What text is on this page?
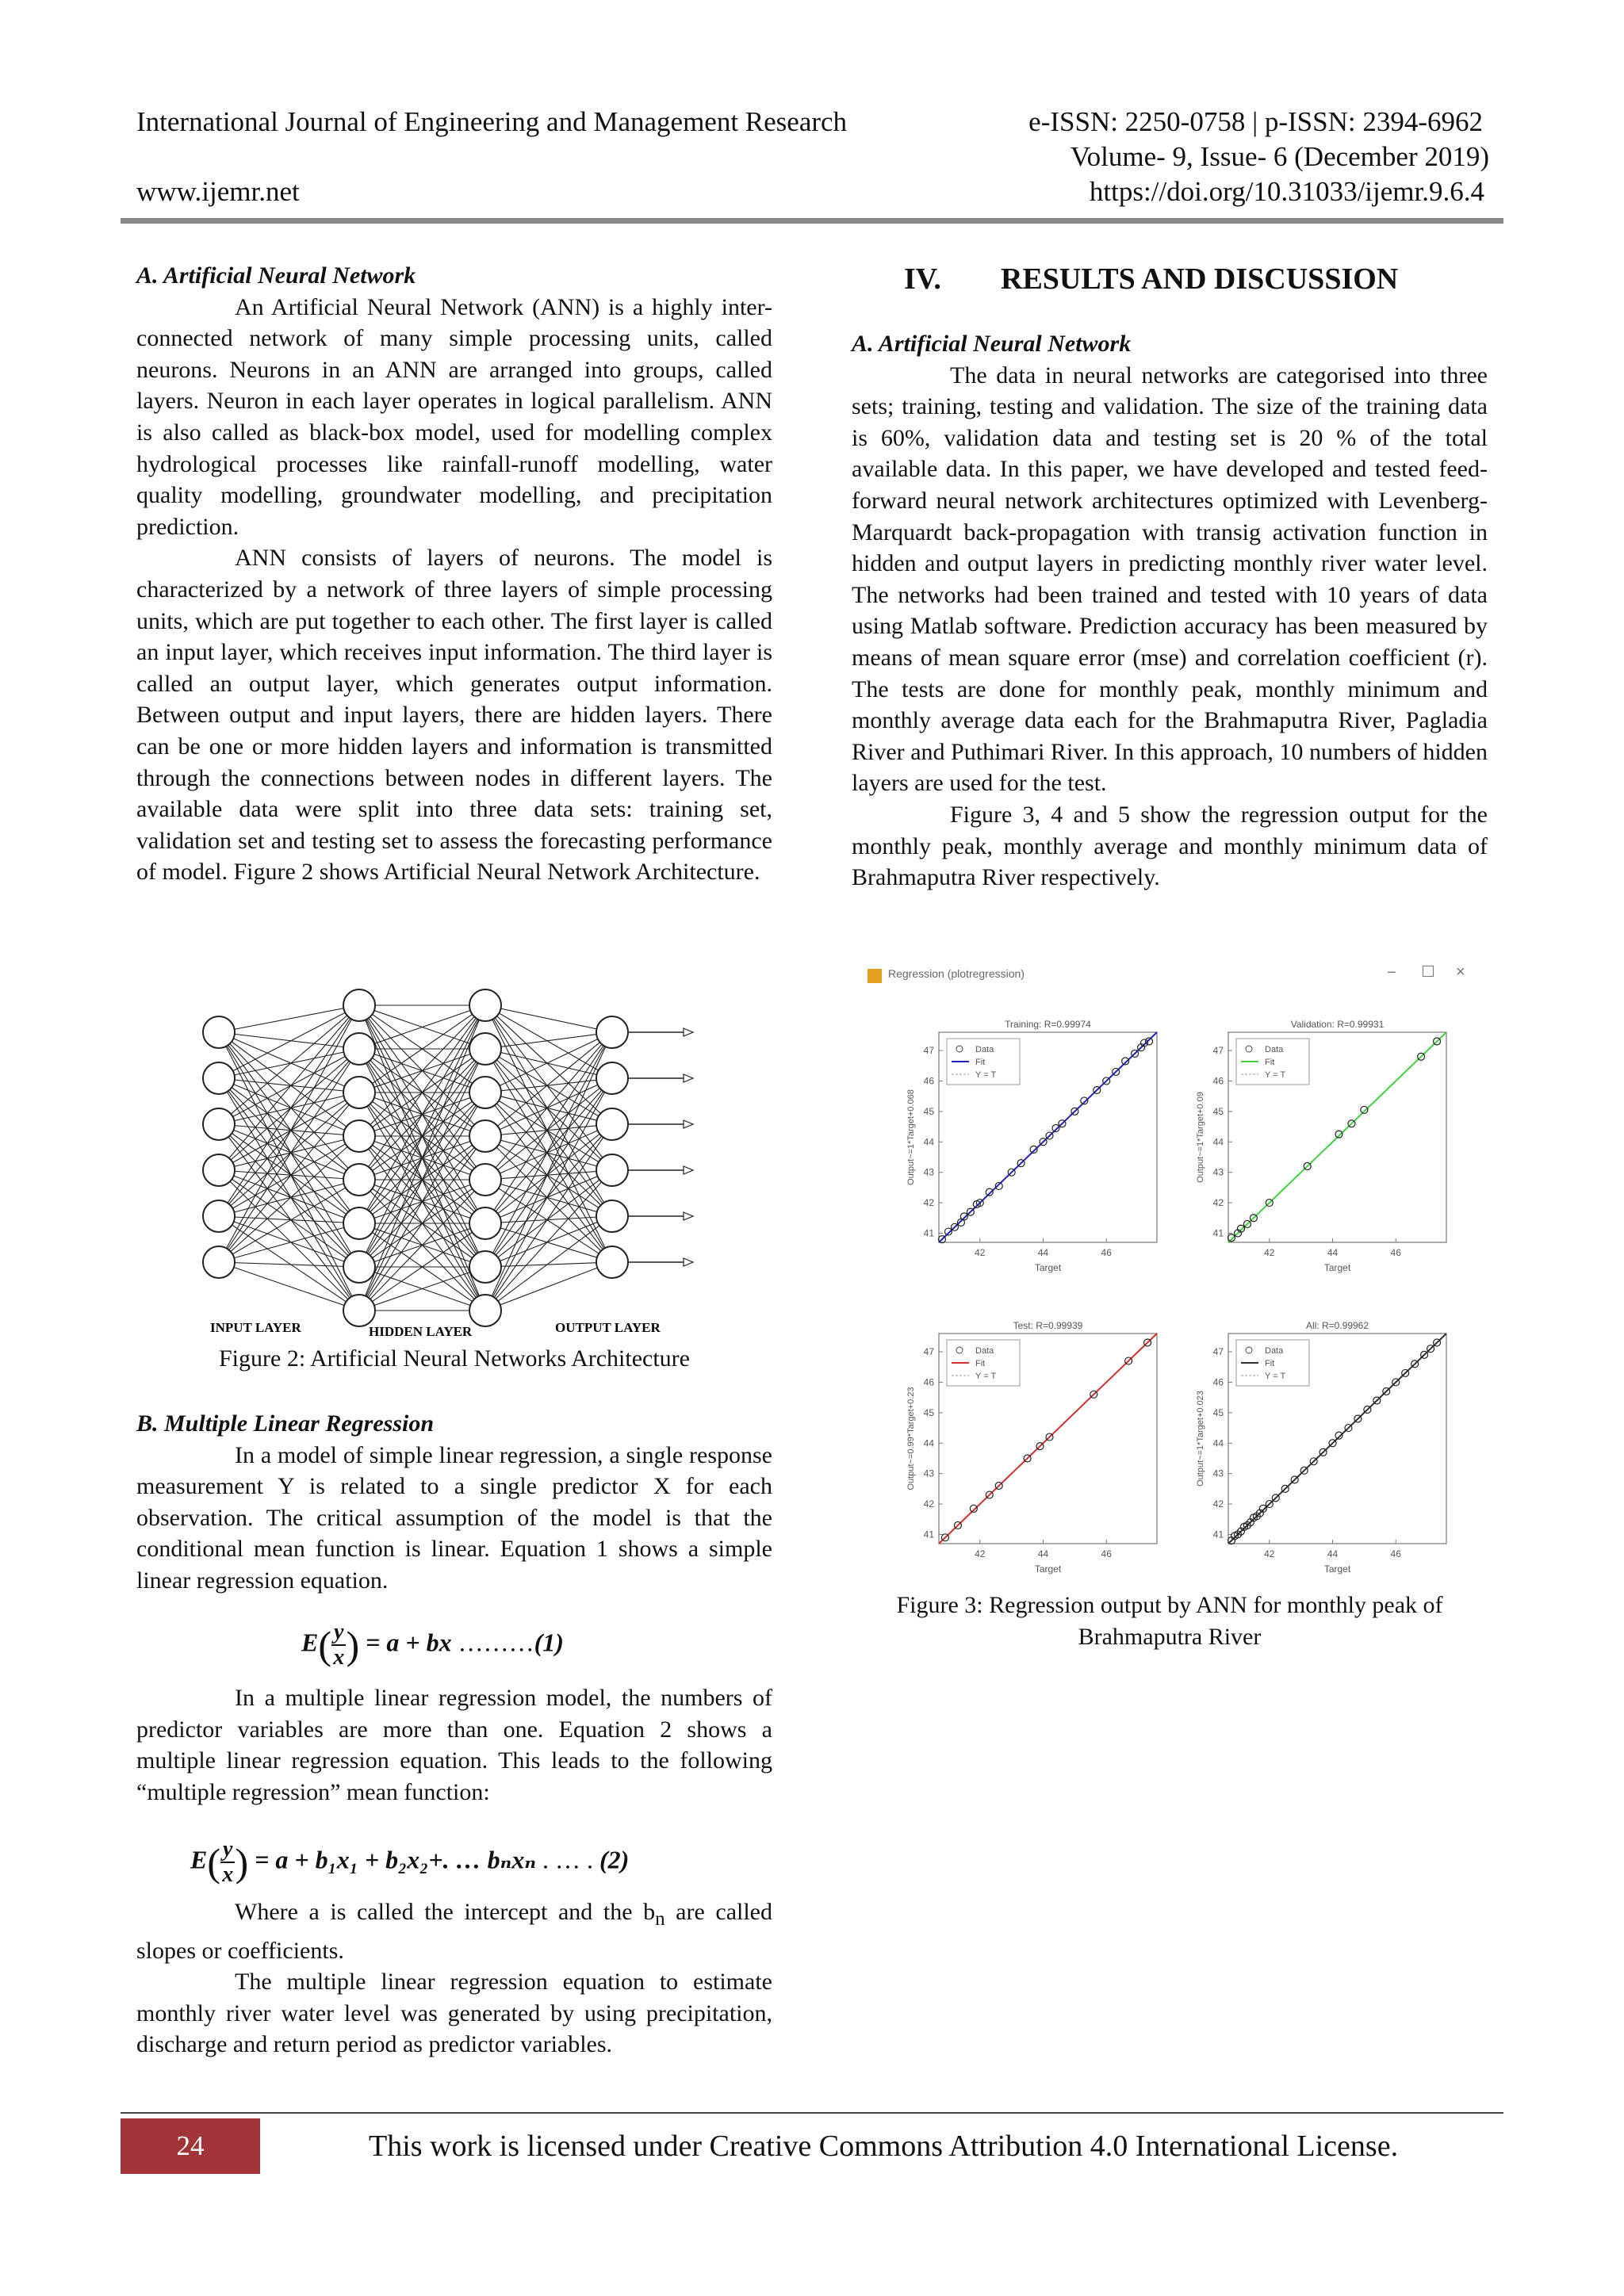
International Journal of Engineering and Management Research	e-ISSN: 2250-0758 | p-ISSN: 2394-6962
Volume- 9, Issue- 6 (December 2019)
www.ijemr.net	https://doi.org/10.31033/ijemr.9.6.4

A. Artificial Neural Network

An Artificial Neural Network (ANN) is a highly inter-connected network of many simple processing units, called neurons. Neurons in an ANN are arranged into groups, called layers. Neuron in each layer operates in logical parallelism. ANN is also called as black-box model, used for modelling complex hydrological processes like rainfall-runoff modelling, water quality modelling, groundwater modelling, and precipitation prediction.

ANN consists of layers of neurons. The model is characterized by a network of three layers of simple processing units, which are put together to each other. The first layer is called an input layer, which receives input information. The third layer is called an output layer, which generates output information. Between output and input layers, there are hidden layers. There can be one or more hidden layers and information is transmitted through the connections between nodes in different layers. The available data were split into three data sets: training set, validation set and testing set to assess the forecasting performance of model. Figure 2 shows Artificial Neural Network Architecture.

INPUT LAYER	HIDDEN LAYER	OUTPUT LAYER
Figure 2: Artificial Neural Networks Architecture

B. Multiple Linear Regression

In a model of simple linear regression, a single response measurement Y is related to a single predictor X for each observation. The critical assumption of the model is that the conditional mean function is linear. Equation 1 shows a simple linear regression equation.

$E( \frac{y}{x}$ ) = a + bx ………(1)

In a multiple linear regression model, the numbers of predictor variables are more than one. Equation 2 shows a multiple linear regression equation. This leads to the following “multiple regression” mean function:

$E( \frac{y}{x}$ ) = a + b₁x₁ + b₂x₂+. … bₙxₙ . … . (2)

Where a is called the intercept and the $b_n$ are called slopes or coefficients.

The multiple linear regression equation to estimate monthly river water level was generated by using precipitation, discharge and return period as predictor variables.

IV. RESULTS AND DISCUSSION

A. Artificial Neural Network

The data in neural networks are categorised into three sets; training, testing and validation. The size of the training data is 60%, validation data and testing set is 20 % of the total available data. In this paper, we have developed and tested feed-forward neural network architectures optimized with Levenberg-Marquardt back-propagation with transig activation function in hidden and output layers in predicting monthly river water level. The networks had been trained and tested with 10 years of data using Matlab software. Prediction accuracy has been measured by means of mean square error (mse) and correlation coefficient (r). The tests are done for monthly peak, monthly minimum and monthly average data each for the Brahmaputra River, Pagladia River and Puthimari River. In this approach, 10 numbers of hidden layers are used for the test.

Figure 3, 4 and 5 show the regression output for the monthly peak, monthly average and monthly minimum data of Brahmaputra River respectively.

Regression (plotregression)	−	×
Training: R=0.99974
Target
Output~=1*Target+0.068
42	44	46
41
42
43
44
45
46
47	Data
Fit
Y = T
Validation: R=0.99931
Target
Output~=1*Target+0.09
42	44	46
41
42
43
44
45
46
47	Data
Fit
Y = T
Test: R=0.99939
Target
Output~=0.99*Target+0.23
42	44	46
41
42
43
44
45
46
47	Data
Fit
Y = T
All: R=0.99962
Target
Output~=1*Target+0.023
42	44	46
41
42
43
44
45
46
47	Data
Fit
Y = T
Figure 3: Regression output by ANN for monthly peak of Brahmaputra River
24	This work is licensed under Creative Commons Attribution 4.0 International License.
